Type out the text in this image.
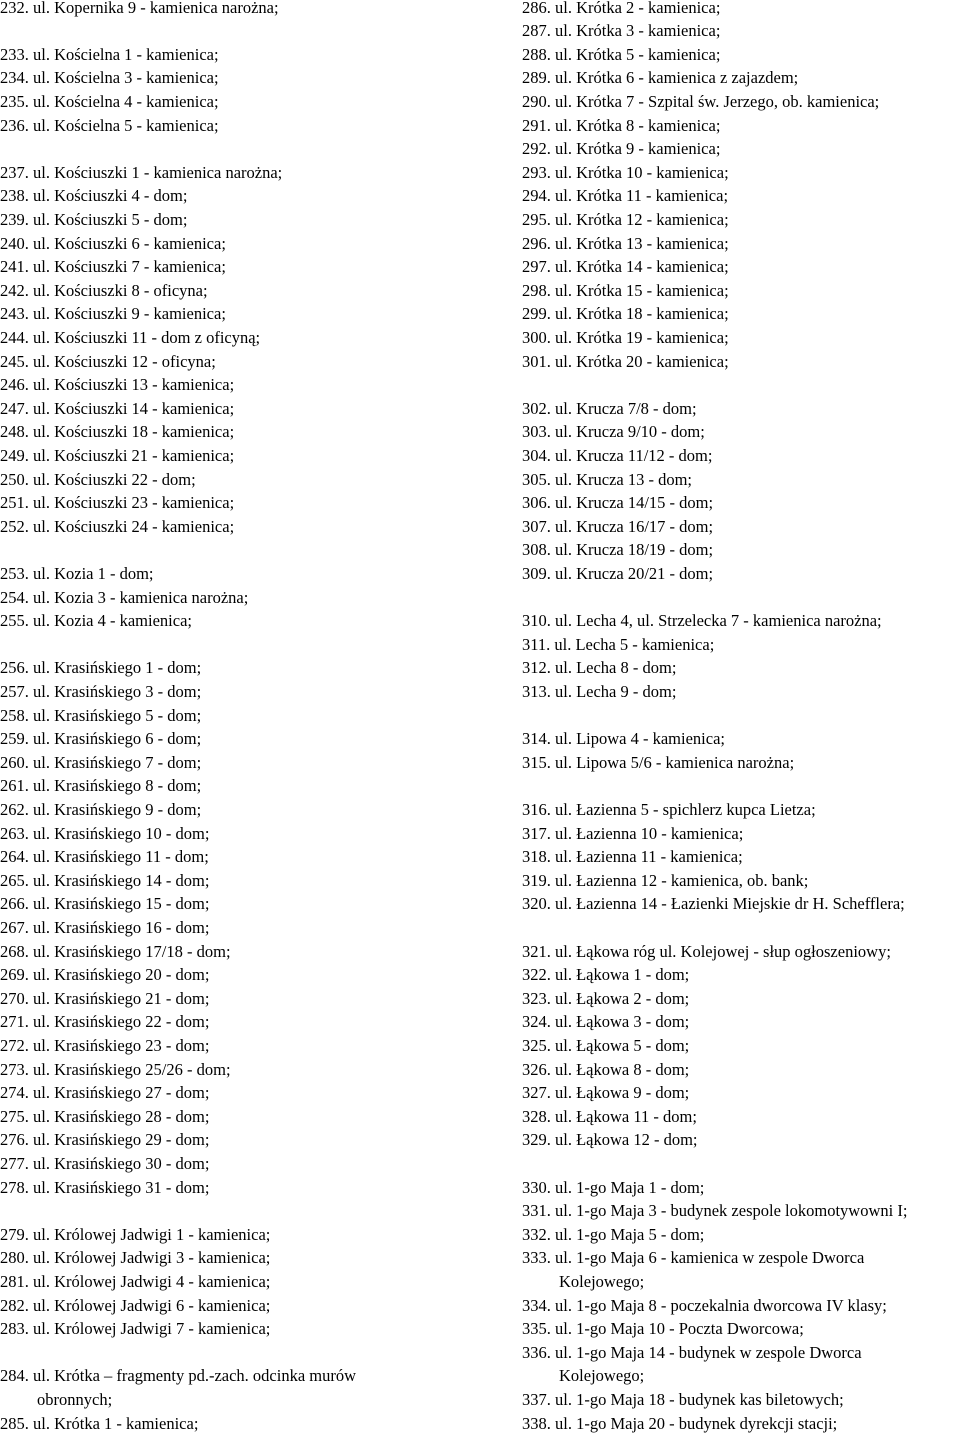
232. ul. Kopernika 9 - kamienica narożna;
233. ul. Kościelna 1 - kamienica;
234. ul. Kościelna 3 - kamienica;
235. ul. Kościelna 4 - kamienica;
236. ul. Kościelna 5 - kamienica;
237. ul. Kościuszki 1 - kamienica narożna;
238. ul. Kościuszki 4 - dom;
239. ul. Kościuszki 5 - dom;
240. ul. Kościuszki 6 - kamienica;
241. ul. Kościuszki 7 - kamienica;
242. ul. Kościuszki 8 - oficyna;
243. ul. Kościuszki 9 - kamienica;
244. ul. Kościuszki 11 - dom z oficyną;
245. ul. Kościuszki 12 - oficyna;
246. ul. Kościuszki 13 - kamienica;
247. ul. Kościuszki 14 - kamienica;
248. ul. Kościuszki 18 - kamienica;
249. ul. Kościuszki 21 - kamienica;
250. ul. Kościuszki 22 - dom;
251. ul. Kościuszki 23 - kamienica;
252. ul. Kościuszki 24 - kamienica;
253. ul. Kozia 1 - dom;
254. ul. Kozia 3 - kamienica narożna;
255. ul. Kozia 4 - kamienica;
256. ul. Krasińskiego 1 - dom;
257. ul. Krasińskiego 3 - dom;
258. ul. Krasińskiego 5 - dom;
259. ul. Krasińskiego 6 - dom;
260. ul. Krasińskiego 7 - dom;
261. ul. Krasińskiego 8 - dom;
262. ul. Krasińskiego 9 - dom;
263. ul. Krasińskiego 10 - dom;
264. ul. Krasińskiego 11 - dom;
265. ul. Krasińskiego 14 - dom;
266. ul. Krasińskiego 15 - dom;
267. ul. Krasińskiego 16 - dom;
268. ul. Krasińskiego 17/18 - dom;
269. ul. Krasińskiego 20 - dom;
270. ul. Krasińskiego 21 - dom;
271. ul. Krasińskiego 22 - dom;
272. ul. Krasińskiego 23 - dom;
273. ul. Krasińskiego 25/26 - dom;
274. ul. Krasińskiego 27 - dom;
275. ul. Krasińskiego 28 - dom;
276. ul. Krasińskiego 29 - dom;
277. ul. Krasińskiego 30 - dom;
278. ul. Krasińskiego 31 - dom;
279. ul. Królowej Jadwigi 1 - kamienica;
280. ul. Królowej Jadwigi 3 - kamienica;
281. ul. Królowej Jadwigi 4 - kamienica;
282. ul. Królowej Jadwigi 6 - kamienica;
283. ul. Królowej Jadwigi 7 - kamienica;
284. ul. Krótka – fragmenty pd.-zach. odcinka murów
obronnych;
285. ul. Krótka 1 - kamienica;
286. ul. Krótka 2 - kamienica;
287. ul. Krótka 3 - kamienica;
288. ul. Krótka 5 - kamienica;
289. ul. Krótka 6 - kamienica z zajazdem;
290. ul. Krótka 7 - Szpital św. Jerzego, ob. kamienica;
291. ul. Krótka 8 - kamienica;
292. ul. Krótka 9 - kamienica;
293. ul. Krótka 10 - kamienica;
294. ul. Krótka 11 - kamienica;
295. ul. Krótka 12 - kamienica;
296. ul. Krótka 13 - kamienica;
297. ul. Krótka 14 - kamienica;
298. ul. Krótka 15 - kamienica;
299. ul. Krótka 18 - kamienica;
300. ul. Krótka 19 - kamienica;
301. ul. Krótka 20 - kamienica;
302. ul. Krucza 7/8 - dom;
303. ul. Krucza 9/10 - dom;
304. ul. Krucza 11/12 - dom;
305. ul. Krucza 13 - dom;
306. ul. Krucza 14/15 - dom;
307. ul. Krucza 16/17 - dom;
308. ul. Krucza 18/19 - dom;
309. ul. Krucza 20/21 - dom;
310. ul. Lecha 4, ul. Strzelecka 7 - kamienica narożna;
311. ul. Lecha 5 - kamienica;
312. ul. Lecha 8 - dom;
313. ul. Lecha 9 - dom;
314. ul. Lipowa 4 - kamienica;
315. ul. Lipowa 5/6 - kamienica narożna;
316. ul. Łazienna 5 - spichlerz kupca Lietza;
317. ul. Łazienna 10 - kamienica;
318. ul. Łazienna 11 - kamienica;
319. ul. Łazienna 12 - kamienica, ob. bank;
320. ul. Łazienna 14 - Łazienki Miejskie dr H. Schefflera;
321. ul. Łąkowa róg ul. Kolejowej - słup ogłoszeniowy;
322. ul. Łąkowa 1 - dom;
323. ul. Łąkowa 2 - dom;
324. ul. Łąkowa 3 - dom;
325. ul. Łąkowa 5 - dom;
326. ul. Łąkowa 8 - dom;
327. ul. Łąkowa 9 - dom;
328. ul. Łąkowa 11 - dom;
329. ul. Łąkowa 12 - dom;
330. ul. 1-go Maja 1 - dom;
331. ul. 1-go Maja 3 - budynek zespole lokomotywowni I;
332. ul. 1-go Maja 5 - dom;
333. ul. 1-go Maja 6 - kamienica w zespole Dworca
Kolejowego;
334. ul. 1-go Maja 8 - poczekalnia dworcowa IV klasy;
335. ul. 1-go Maja 10 - Poczta Dworcowa;
336. ul. 1-go Maja 14 - budynek w zespole Dworca
Kolejowego;
337. ul. 1-go Maja 18 - budynek kas biletowych;
338. ul. 1-go Maja 20 - budynek dyrekcji stacji;
